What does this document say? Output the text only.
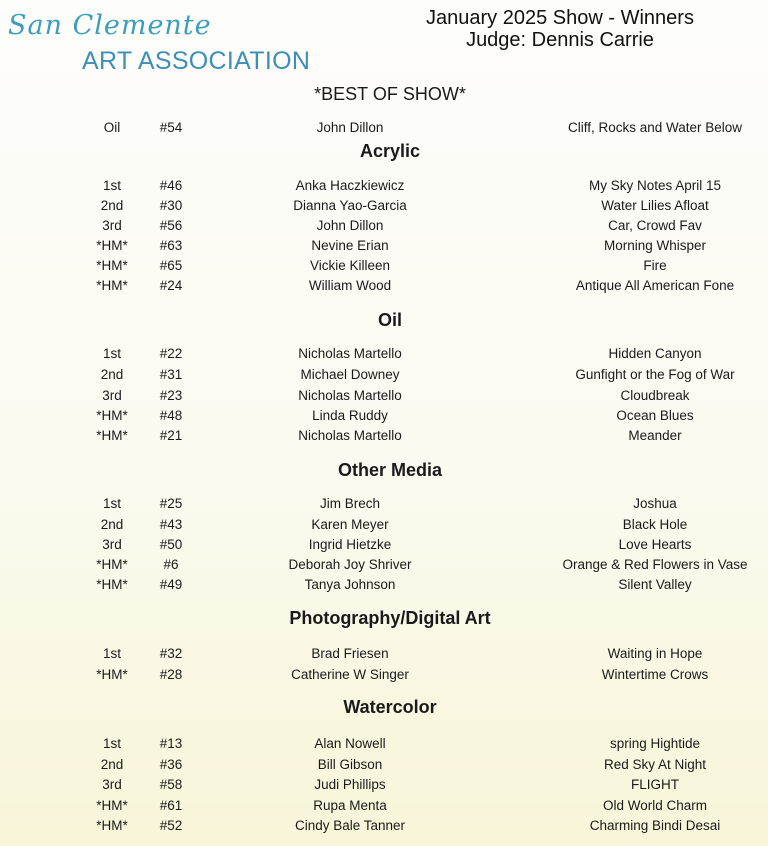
San Clemente
ART ASSOCIATION
January 2025 Show - Winners
Judge: Dennis Carrie
*BEST OF SHOW*
Oil	#54	John Dillon	Cliff, Rocks and Water Below
Acrylic
1st	#46	Anka Haczkiewicz	My Sky Notes April 15
2nd	#30	Dianna Yao-Garcia	Water Lilies Afloat
3rd	#56	John Dillon	Car, Crowd Fav
*HM*	#63	Nevine Erian	Morning Whisper
*HM*	#65	Vickie Killeen	Fire
*HM*	#24	William Wood	Antique All American Fone
Oil
1st	#22	Nicholas Martello	Hidden Canyon
2nd	#31	Michael Downey	Gunfight or the Fog of War
3rd	#23	Nicholas Martello	Cloudbreak
*HM*	#48	Linda Ruddy	Ocean Blues
*HM*	#21	Nicholas Martello	Meander
Other Media
1st	#25	Jim Brech	Joshua
2nd	#43	Karen Meyer	Black Hole
3rd	#50	Ingrid Hietzke	Love Hearts
*HM*	#6	Deborah Joy Shriver	Orange & Red Flowers in Vase
*HM*	#49	Tanya Johnson	Silent Valley
Photography/Digital Art
1st	#32	Brad Friesen	Waiting in Hope
*HM*	#28	Catherine W Singer	Wintertime Crows
Watercolor
1st	#13	Alan Nowell	spring Hightide
2nd	#36	Bill Gibson	Red Sky At Night
3rd	#58	Judi Phillips	FLIGHT
*HM*	#61	Rupa Menta	Old World Charm
*HM*	#52	Cindy Bale Tanner	Charming Bindi Desai
